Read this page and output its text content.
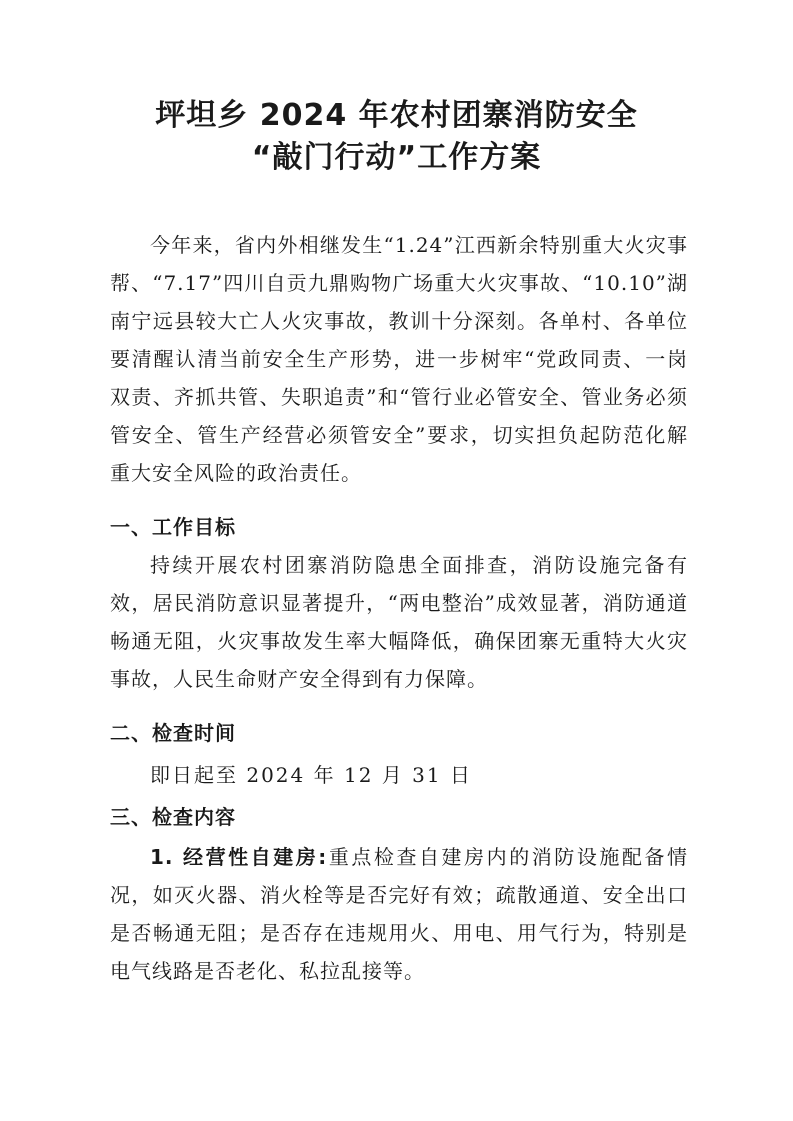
坪坦乡 2024 年农村团寨消防安全
“敲门行动”工作方案

今年来，省内外相继发生“1.24”江西新余特别重大火灾事帮、“7.17”四川自贡九鼎购物广场重大火灾事故、“10.10”湖南宁远县较大亡人火灾事故，教训十分深刻。各单村、各单位要清醒认清当前安全生产形势，进一步树牢“党政同责、一岗双责、齐抓共管、失职追责”和“管行业必管安全、管业务必须管安全、管生产经营必须管安全”要求，切实担负起防范化解重大安全风险的政治责任。

一、工作目标

持续开展农村团寨消防隐患全面排查，消防设施完备有效，居民消防意识显著提升，“两电整治”成效显著，消防通道畅通无阻，火灾事故发生率大幅降低，确保团寨无重特大火灾事故，人民生命财产安全得到有力保障。

二、检查时间
即日起至 2024 年 12 月 31 日
三、检查内容

1. 经营性自建房:重点检查自建房内的消防设施配备情况，如灭火器、消火栓等是否完好有效；疏散通道、安全出口是否畅通无阻；是否存在违规用火、用电、用气行为，特别是电气线路是否老化、私拉乱接等。
